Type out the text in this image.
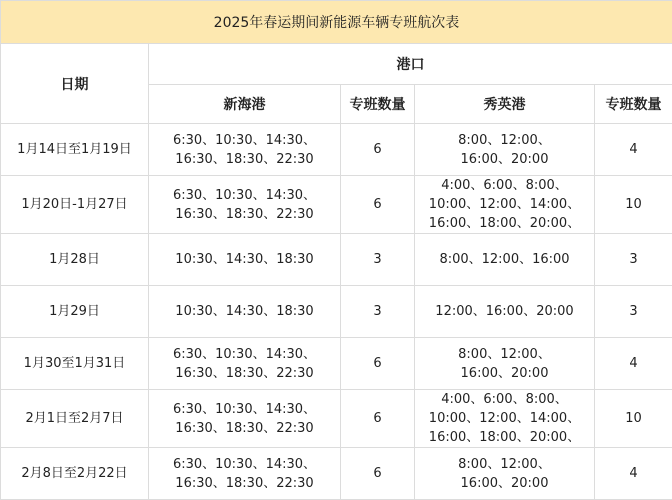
2025年春运期间新能源车辆专班航次表				
日期	港口			
	新海港	专班数量	秀英港	专班数量
1月14日至1月19日	6:30、10:30、14:30、
16:30、18:30、22:30	6	8:00、12:00、
16:00、20:00	4
1月20日-1月27日	6:30、10:30、14:30、
16:30、18:30、22:30	6	4:00、6:00、8:00、
10:00、12:00、14:00、
16:00、18:00、20:00、	10
1月28日	10:30、14:30、18:30	3	8:00、12:00、16:00	3
1月29日	10:30、14:30、18:30	3	12:00、16:00、20:00	3
1月30至1月31日	6:30、10:30、14:30、
16:30、18:30、22:30	6	8:00、12:00、
16:00、20:00	4
2月1日至2月7日	6:30、10:30、14:30、
16:30、18:30、22:30	6	4:00、6:00、8:00、
10:00、12:00、14:00、
16:00、18:00、20:00、	10
2月8日至2月22日	6:30、10:30、14:30、
16:30、18:30、22:30	6	8:00、12:00、
16:00、20:00	4
